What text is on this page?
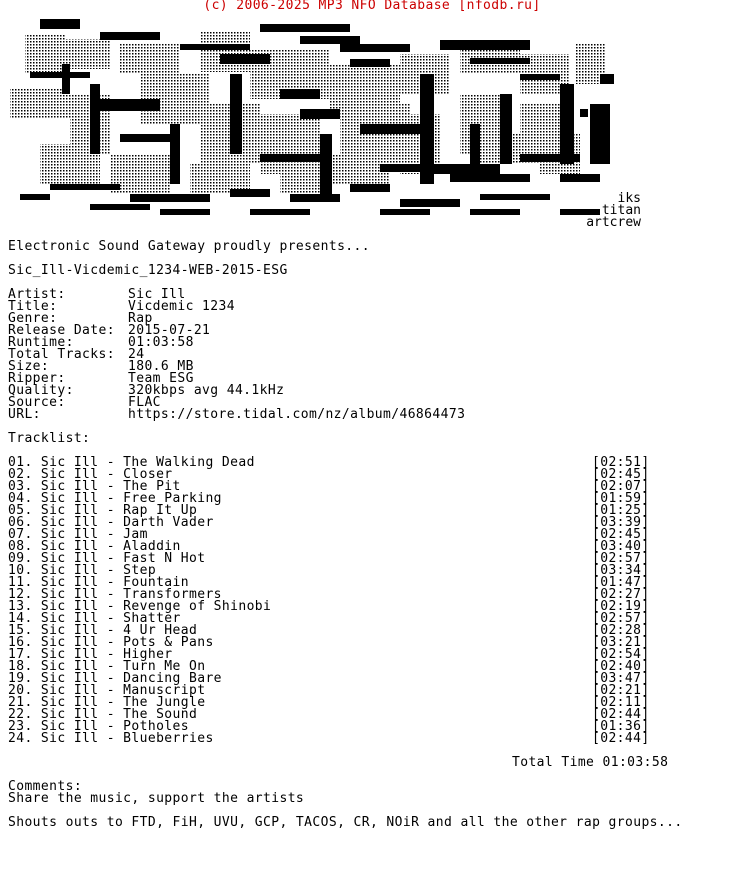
(c) 2006-2025 MP3 NFO Database [nfodb.ru]
iks
titan
artcrew
Electronic Sound Gateway proudly presents...
Sic_Ill-Vicdemic_1234-WEB-2015-ESG
Artist:	Sic Ill
Title:	Vicdemic 1234
Genre:	Rap
Release Date: 2015-07-21
Runtime:	01:03:58
Total Tracks: 24
Size:	180.6 MB
Ripper:	Team ESG
Quality:	320kbps avg 44.1kHz
Source:	FLAC
URL:	https://store.tidal.com/nz/album/46864473
Tracklist:
01. Sic Ill - The Walking Dead	[02:51]
02. Sic Ill - Closer	[02:45]
03. Sic Ill - The Pit	[02:07]
04. Sic Ill - Free Parking	[01:59]
05. Sic Ill - Rap It Up	[01:25]
06. Sic Ill - Darth Vader	[03:39]
07. Sic Ill - Jam	[02:45]
08. Sic Ill - Aladdin	[03:40]
09. Sic Ill - Fast N Hot	[02:57]
10. Sic Ill - Step	[03:34]
11. Sic Ill - Fountain	[01:47]
12. Sic Ill - Transformers	[02:27]
13. Sic Ill - Revenge of Shinobi	[02:19]
14. Sic Ill - Shatter	[02:57]
15. Sic Ill - 4 Ur Head	[02:28]
16. Sic Ill - Pots & Pans	[03:21]
17. Sic Ill - Higher	[02:54]
18. Sic Ill - Turn Me On	[02:40]
19. Sic Ill - Dancing Bare	[03:47]
20. Sic Ill - Manuscript	[02:21]
21. Sic Ill - The Jungle	[02:11]
22. Sic Ill - The Sound	[02:44]
23. Sic Ill - Potholes	[01:36]
24. Sic Ill - Blueberries	[02:44]
Total Time 01:03:58
Comments:
Share the music, support the artists
Shouts outs to FTD, FiH, UVU, GCP, TACOS, CR, NOiR and all the other rap groups...
